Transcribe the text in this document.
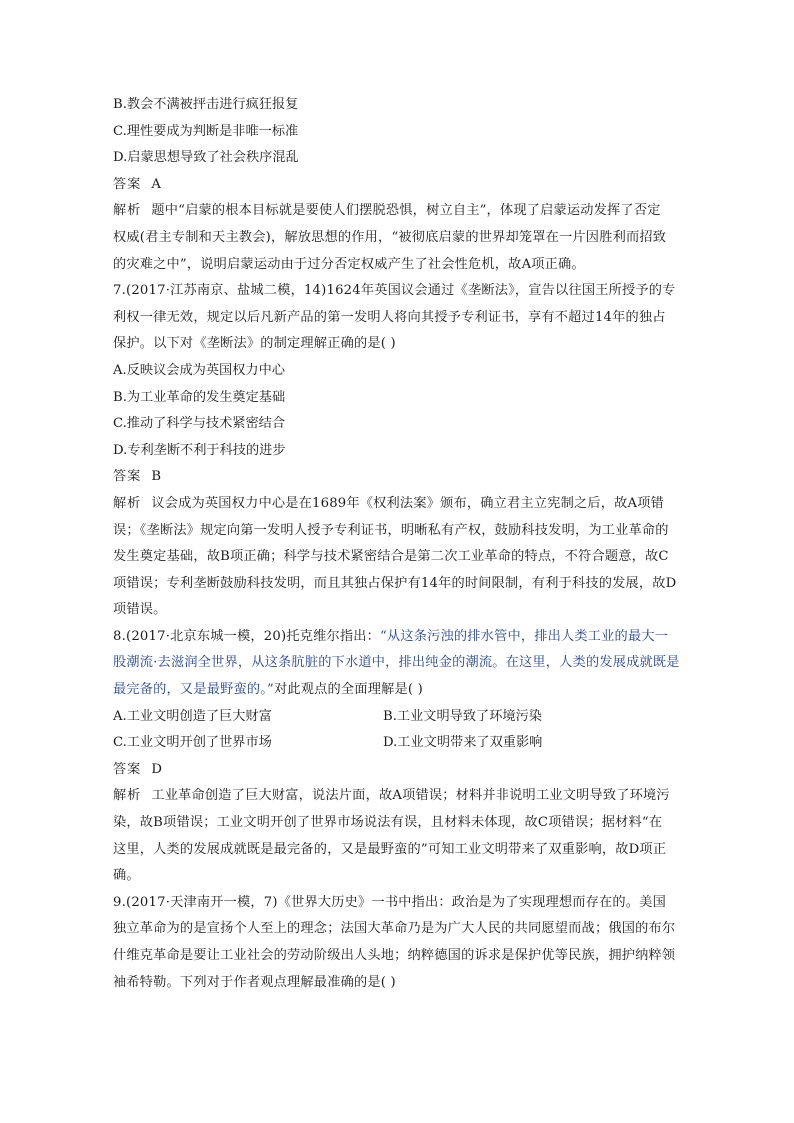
B.教会不满被抨击进行疯狂报复
C.理性要成为判断是非唯一标准
D.启蒙思想导致了社会秩序混乱
答案 A
解析 题中“启蒙的根本目标就是要使人们摆脱恐惧，树立自主”，体现了启蒙运动发挥了否定
权威(君主专制和天主教会)，解放思想的作用，“被彻底启蒙的世界却笼罩在一片因胜利而招致
的灾难之中”，说明启蒙运动由于过分否定权威产生了社会性危机，故A项正确。
7.(2017·江苏南京、盐城二模，14)1624年英国议会通过《垄断法》，宣告以往国王所授予的专
利权一律无效，规定以后凡新产品的第一发明人将向其授予专利证书，享有不超过14年的独占
保护。以下对《垄断法》的制定理解正确的是( )
A.反映议会成为英国权力中心
B.为工业革命的发生奠定基础
C.推动了科学与技术紧密结合
D.专利垄断不利于科技的进步
答案 B
解析 议会成为英国权力中心是在1689年《权利法案》颁布，确立君主立宪制之后，故A项错
误；《垄断法》规定向第一发明人授予专利证书，明晰私有产权，鼓励科技发明，为工业革命的
发生奠定基础，故B项正确；科学与技术紧密结合是第二次工业革命的特点，不符合题意，故C
项错误；专利垄断鼓励科技发明，而且其独占保护有14年的时间限制，有利于科技的发展，故D
项错误。
8.(2017·北京东城一模，20)托克维尔指出：“从这条污浊的排水管中，排出人类工业的最大一
股潮流·去滋润全世界，从这条肮脏的下水道中，排出纯金的潮流。在这里，人类的发展成就既是
最完备的，又是最野蛮的。”对此观点的全面理解是( )
A.工业文明创造了巨大财富	B.工业文明导致了环境污染
C.工业文明开创了世界市场	D.工业文明带来了双重影响
答案 D
解析 工业革命创造了巨大财富，说法片面，故A项错误；材料并非说明工业文明导致了环境污
染，故B项错误；工业文明开创了世界市场说法有误，且材料未体现，故C项错误；据材料“在
这里，人类的发展成就既是最完备的，又是最野蛮的”可知工业文明带来了双重影响，故D项正
确。
9.(2017·天津南开一模，7)《世界大历史》一书中指出：政治是为了实现理想而存在的。美国
独立革命为的是宣扬个人至上的理念；法国大革命乃是为广大人民的共同愿望而战；俄国的布尔
什维克革命是要让工业社会的劳动阶级出人头地；纳粹德国的诉求是保护优等民族，拥护纳粹领
袖希特勒。下列对于作者观点理解最准确的是( )
